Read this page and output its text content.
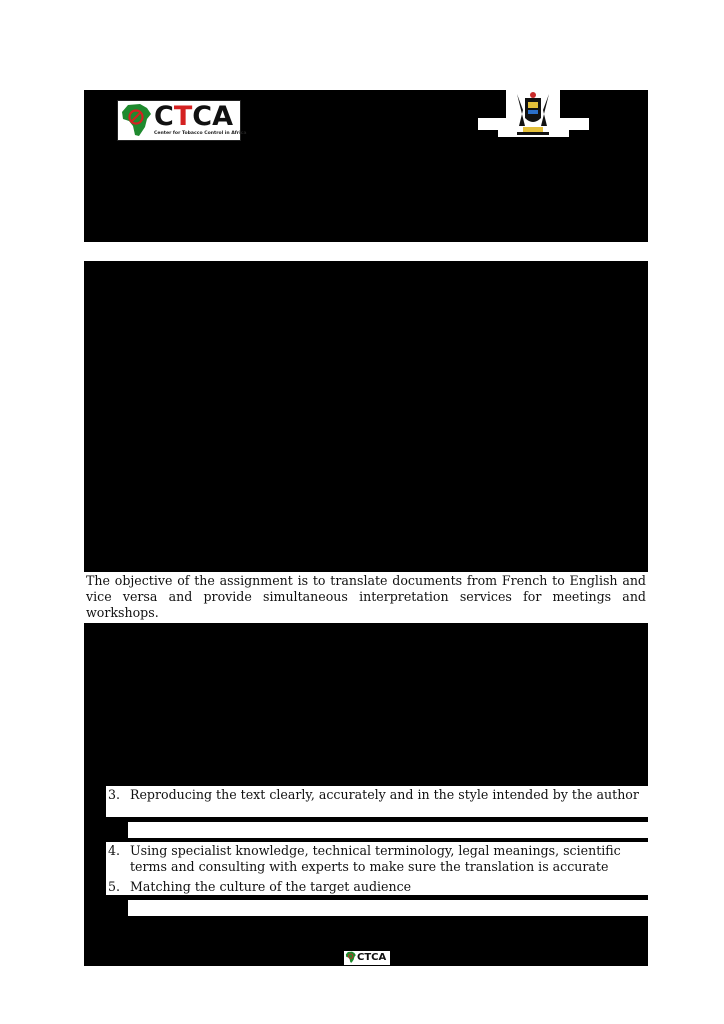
CTCA
Center for Tobacco Control in Africa
The objective of the assignment is to translate documents from French to English and vice versa and provide simultaneous interpretation services for meetings and workshops.
3. Reproducing the text clearly, accurately and in the style intended by the author
4. Using specialist knowledge, technical terminology, legal meanings, scientific terms and consulting with experts to make sure the translation is accurate
5. Matching the culture of the target audience
CTCA
